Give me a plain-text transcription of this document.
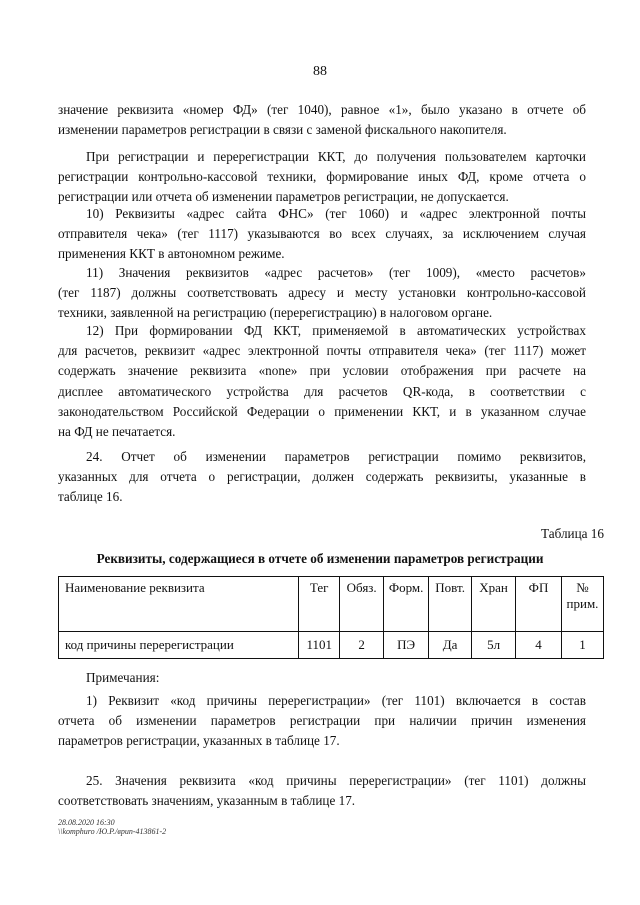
88
значение реквизита «номер ФД» (тег 1040), равное «1», было указано в отчете об
изменении параметров регистрации в связи с заменой фискального накопителя.
При регистрации и перерегистрации ККТ, до получения пользователем карточки
регистрации контрольно-кассовой техники, формирование иных ФД, кроме отчета о
регистрации или отчета об изменении параметров регистрации, не допускается.
10) Реквизиты «адрес сайта ФНС» (тег 1060) и «адрес электронной почты
отправителя чека» (тег 1117) указываются во всех случаях, за исключением случая
применения ККТ в автономном режиме.
11) Значения реквизитов «адрес расчетов» (тег 1009), «место расчетов»
(тег 1187) должны соответствовать адресу и месту установки контрольно-кассовой
техники, заявленной на регистрацию (перерегистрацию) в налоговом органе.
12) При формировании ФД ККТ, применяемой в автоматических устройствах
для расчетов, реквизит «адрес электронной почты отправителя чека» (тег 1117) может
содержать значение реквизита «none» при условии отображения при расчете на
дисплее автоматического устройства для расчетов QR-кода, в соответствии с
законодательством Российской Федерации о применении ККТ, и в указанном случае
на ФД не печатается.
24. Отчет об изменении параметров регистрации помимо реквизитов,
указанных для отчета о регистрации, должен содержать реквизиты, указанные в
таблице 16.
Таблица 16
Реквизиты, содержащиеся в отчете об изменении параметров регистрации
Наименование реквизита	Тег	Обяз.	Форм.	Повт.	Хран	ФП	№ прим.
код причины перерегистрации	1101	2	ПЭ	Да	5л	4	1
Примечания:
1) Реквизит «код причины перерегистрации» (тег 1101) включается в состав
отчета об изменении параметров регистрации при наличии причин изменения
параметров регистрации, указанных в таблице 17.
25. Значения реквизита «код причины перерегистрации» (тег 1101) должны
соответствовать значениям, указанным в таблице 17.
28.08.2020 16:30
\\komphuro /Ю.Р./вриn-413861-2
